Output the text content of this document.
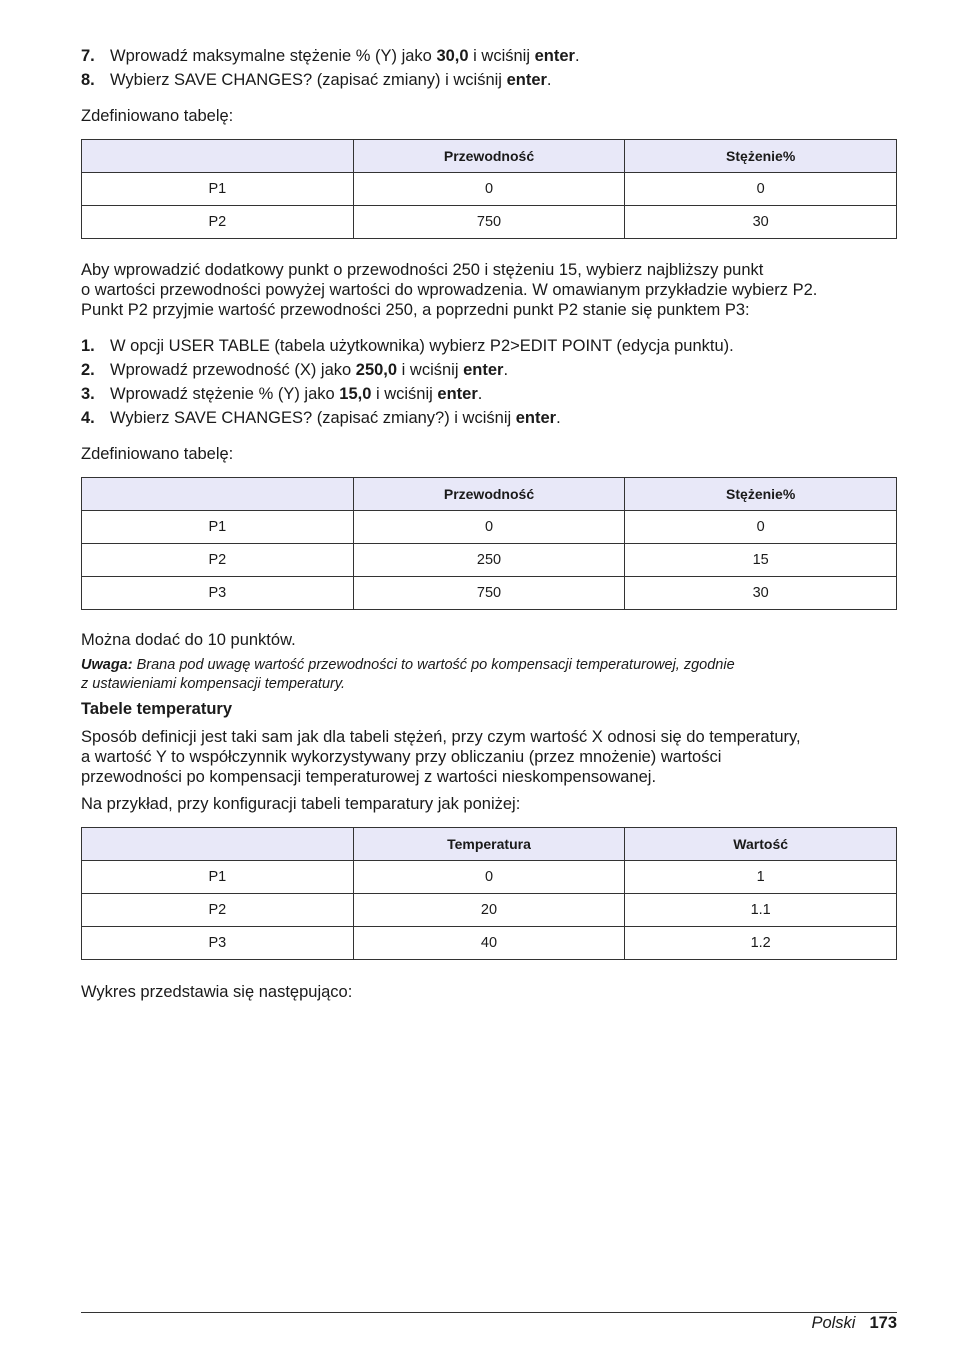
7. Wprowadź maksymalne stężenie % (Y) jako 30,0 i wciśnij enter.
8. Wybierz SAVE CHANGES? (zapisać zmiany) i wciśnij enter.

Zdefiniowano tabelę:

	Przewodność	Stężenie%
P1	0	0
P2	750	30

Aby wprowadzić dodatkowy punkt o przewodności 250 i stężeniu 15, wybierz najbliższy punkt
o wartości przewodności powyżej wartości do wprowadzenia. W omawianym przykładzie wybierz P2.
Punkt P2 przyjmie wartość przewodności 250, a poprzedni punkt P2 stanie się punktem P3:

1. W opcji USER TABLE (tabela użytkownika) wybierz P2>EDIT POINT (edycja punktu).
2. Wprowadź przewodność (X) jako 250,0 i wciśnij enter.
3. Wprowadź stężenie % (Y) jako 15,0 i wciśnij enter.
4. Wybierz SAVE CHANGES? (zapisać zmiany?) i wciśnij enter.

Zdefiniowano tabelę:

	Przewodność	Stężenie%
P1	0	0
P2	250	15
P3	750	30

Można dodać do 10 punktów.

Uwaga: Brana pod uwagę wartość przewodności to wartość po kompensacji temperaturowej, zgodnie
z ustawieniami kompensacji temperatury.

Tabele temperatury

Sposób definicji jest taki sam jak dla tabeli stężeń, przy czym wartość X odnosi się do temperatury,
a wartość Y to współczynnik wykorzystywany przy obliczaniu (przez mnożenie) wartości
przewodności po kompensacji temperaturowej z wartości nieskompensowanej.

Na przykład, przy konfiguracji tabeli temparatury jak poniżej:

	Temperatura	Wartość
P1	0	1
P2	20	1.1
P3	40	1.2

Wykres przedstawia się następująco:

Polski 173
